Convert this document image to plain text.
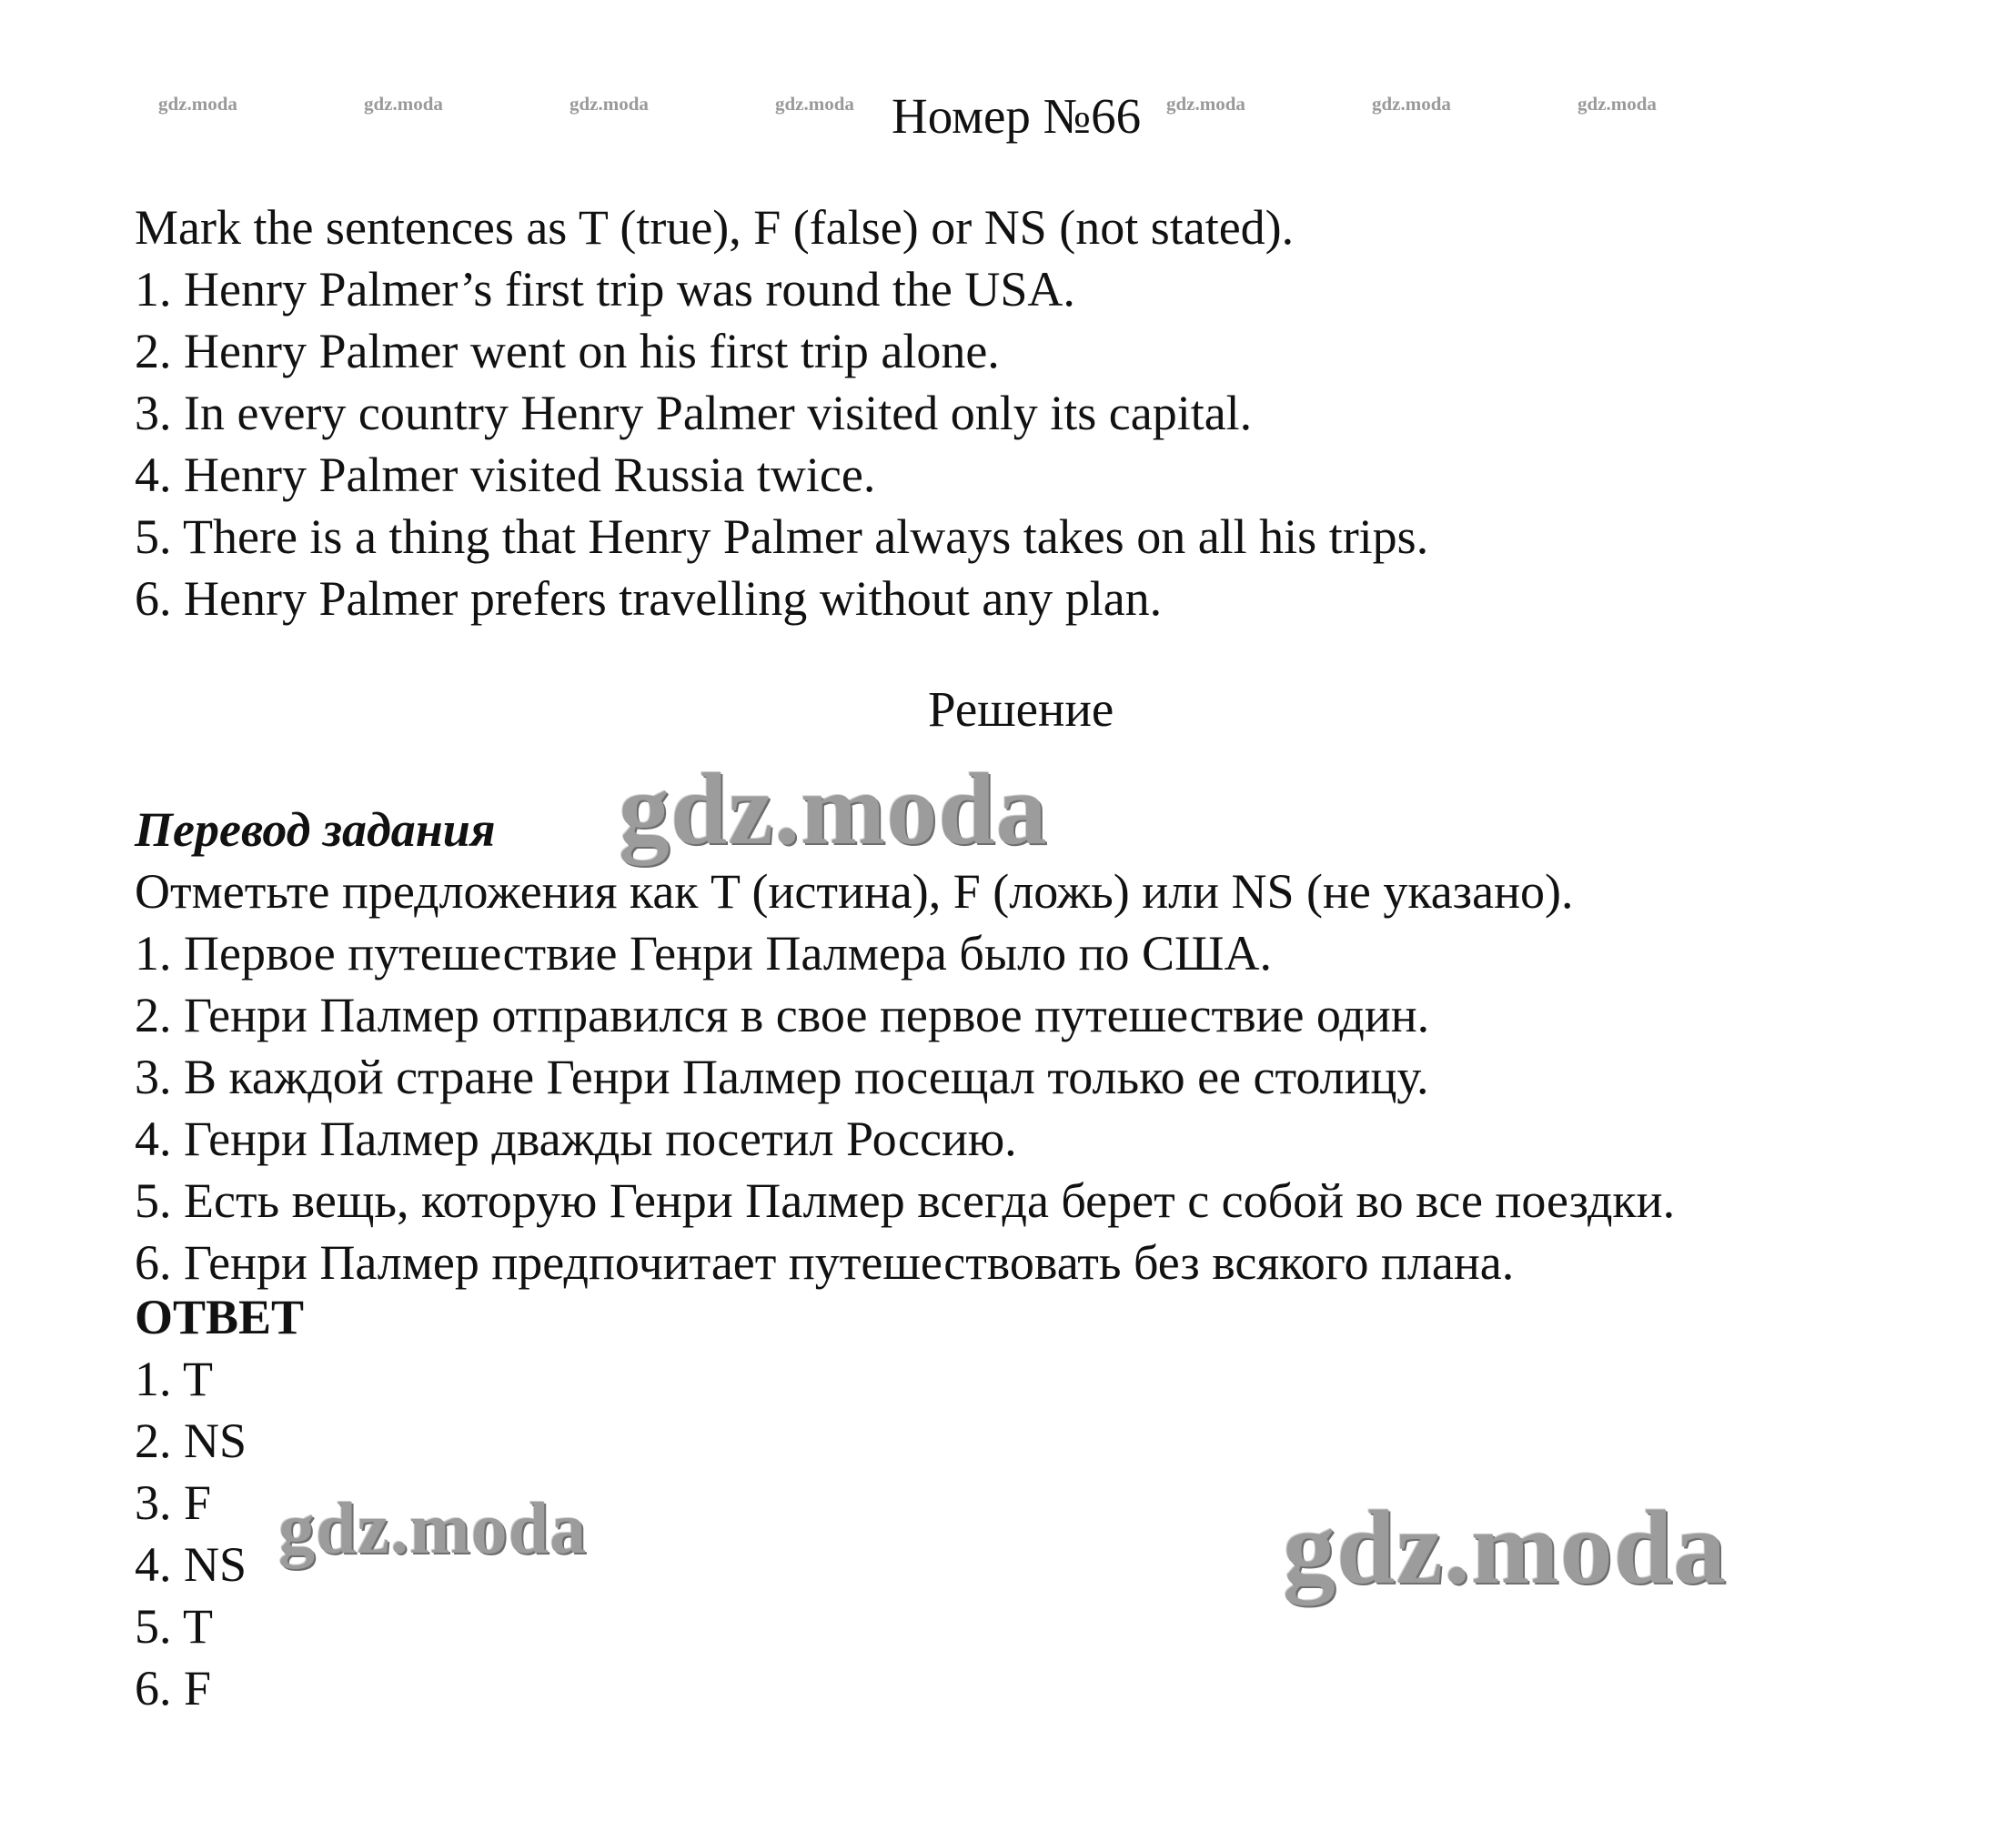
gdz.moda	gdz.moda	gdz.moda	gdz.moda	gdz.moda	gdz.moda	gdz.moda
Номер №66
Mark the sentences as T (true), F (false) or NS (not stated).
1. Henry Palmer’s first trip was round the USA.
2. Henry Palmer went on his first trip alone.
3. In every country Henry Palmer visited only its capital.
4. Henry Palmer visited Russia twice.
5. There is a thing that Henry Palmer always takes on all his trips.
6. Henry Palmer prefers travelling without any plan.
Решение
gdz.moda
Перевод задания
Отметьте предложения как T (истина), F (ложь) или NS (не указано).
1. Первое путешествие Генри Палмера было по США.
2. Генри Палмер отправился в свое первое путешествие один.
3. В каждой стране Генри Палмер посещал только ее столицу.
4. Генри Палмер дважды посетил Россию.
5. Есть вещь, которую Генри Палмер всегда берет с собой во все поездки.
6. Генри Палмер предпочитает путешествовать без всякого плана.
ОТВЕТ
1. T
2. NS
3. F
4. NS
5. T
6. F
gdz.moda	gdz.moda
